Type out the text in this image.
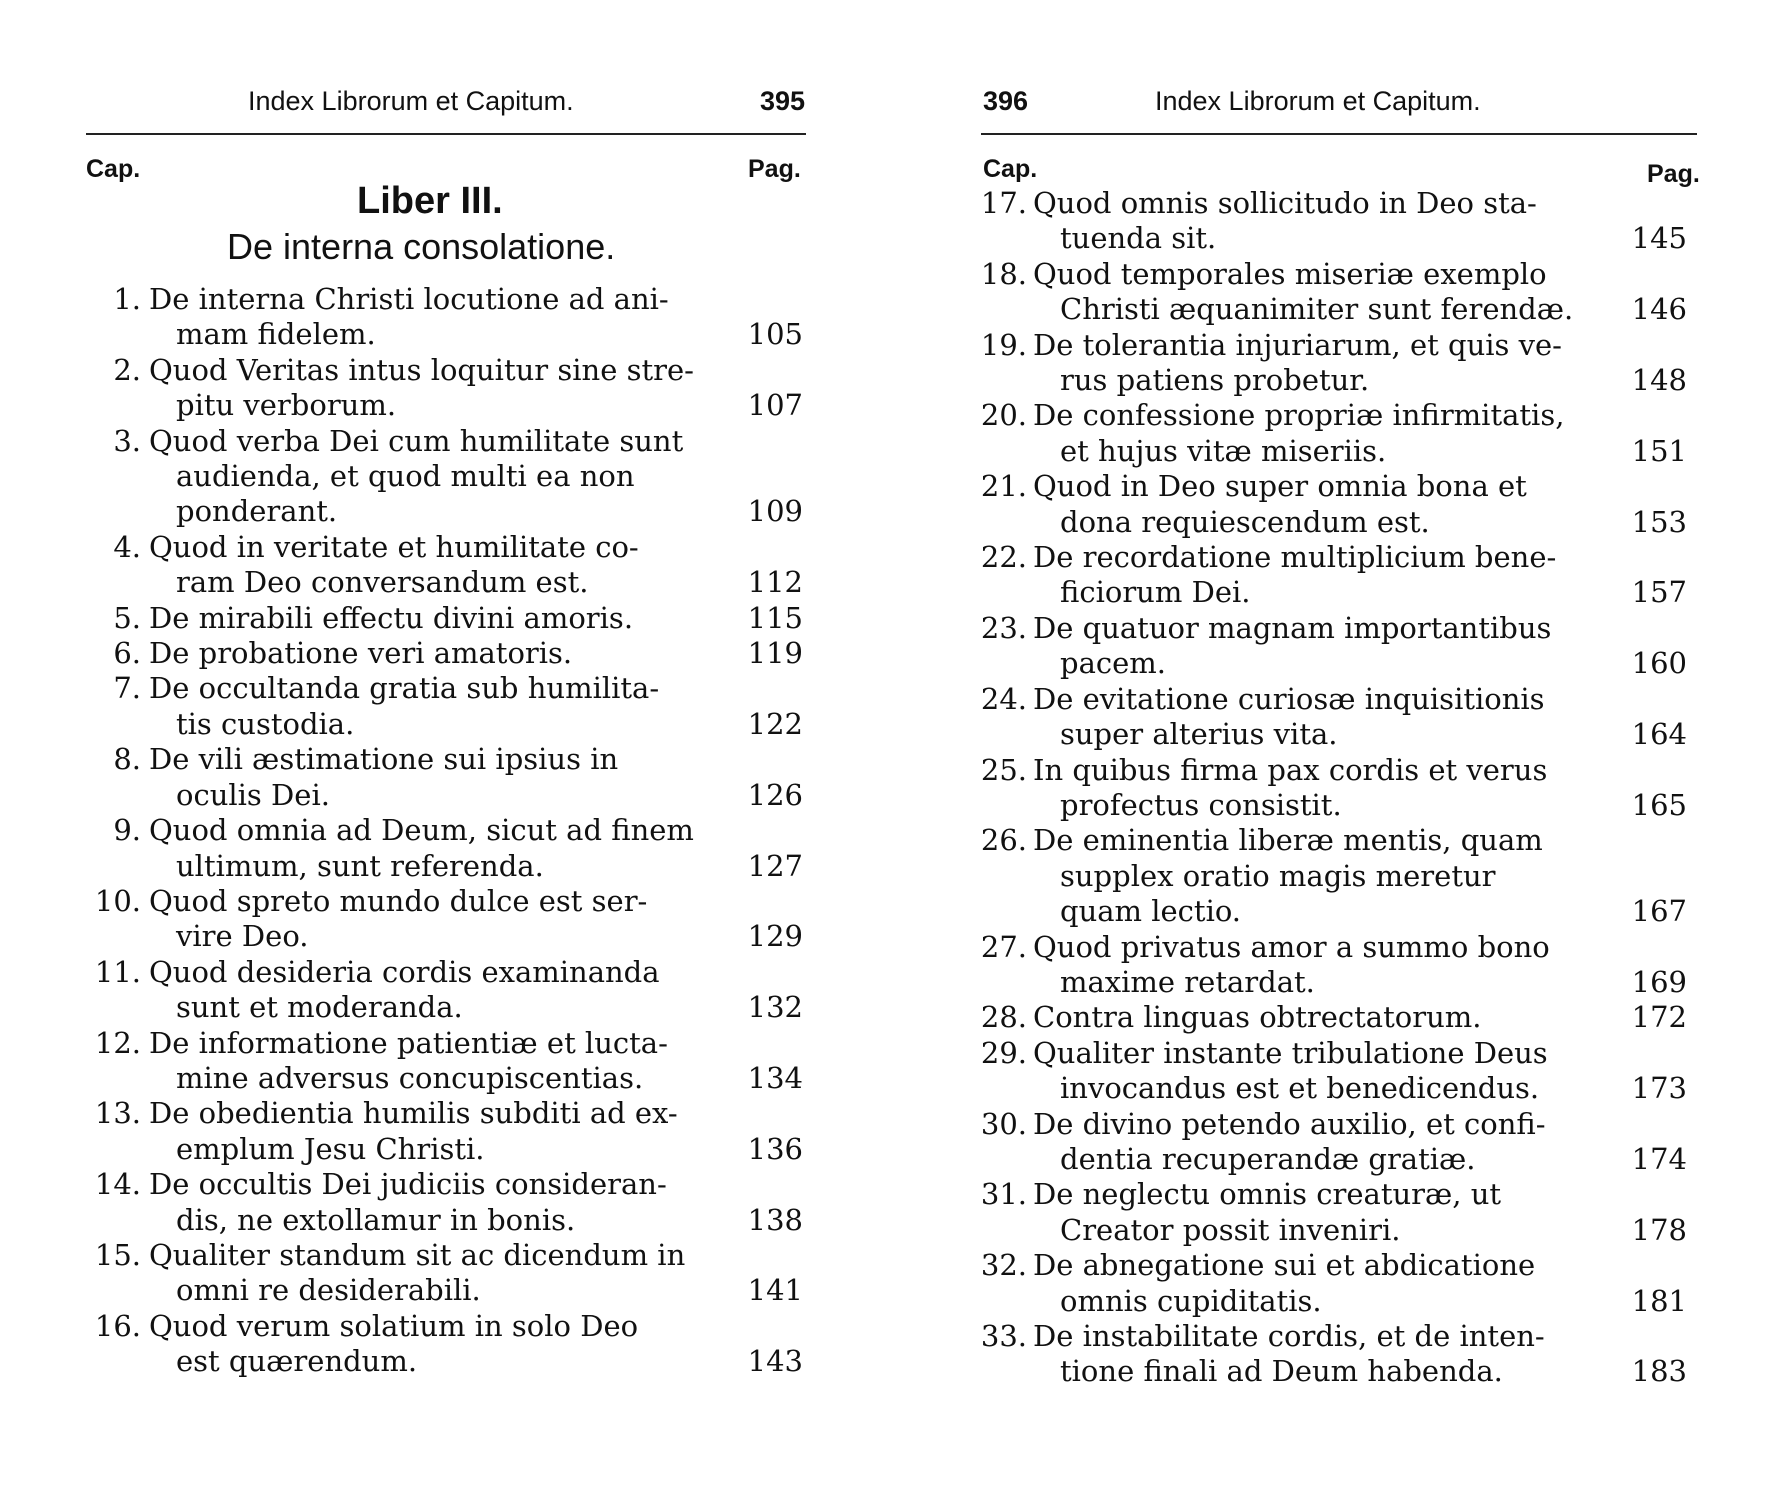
Index Librorum et Capitum.	395
Cap.	Pag.
Liber III.
De interna consolatione.
1. De interna Christi locutione ad ani-
mam fidelem.	105
2. Quod Veritas intus loquitur sine stre-
pitu verborum.	107
3. Quod verba Dei cum humilitate sunt
audienda, et quod multi ea non
ponderant.	109
4. Quod in veritate et humilitate co-
ram Deo conversandum est.	112
5. De mirabili effectu divini amoris.	115
6. De probatione veri amatoris.	119
7. De occultanda gratia sub humilita-
tis custodia.	122
8. De vili æstimatione sui ipsius in
oculis Dei.	126
9. Quod omnia ad Deum, sicut ad finem
ultimum, sunt referenda.	127
10. Quod spreto mundo dulce est ser-
vire Deo.	129
11. Quod desideria cordis examinanda
sunt et moderanda.	132
12. De informatione patientiæ et lucta-
mine adversus concupiscentias.	134
13. De obedientia humilis subditi ad ex-
emplum Jesu Christi.	136
14. De occultis Dei judiciis consideran-
dis, ne extollamur in bonis.	138
15. Qualiter standum sit ac dicendum in
omni re desiderabili.	141
16. Quod verum solatium in solo Deo
est quærendum.	143
396	Index Librorum et Capitum.
Cap.	Pag.
17. Quod omnis sollicitudo in Deo sta-
tuenda sit.	145
18. Quod temporales miseriæ exemplo
Christi æquanimiter sunt ferendæ.	146
19. De tolerantia injuriarum, et quis ve-
rus patiens probetur.	148
20. De confessione propriæ infirmitatis,
et hujus vitæ miseriis.	151
21. Quod in Deo super omnia bona et
dona requiescendum est.	153
22. De recordatione multiplicium bene-
ficiorum Dei.	157
23. De quatuor magnam importantibus
pacem.	160
24. De evitatione curiosæ inquisitionis
super alterius vita.	164
25. In quibus firma pax cordis et verus
profectus consistit.	165
26. De eminentia liberæ mentis, quam
supplex oratio magis meretur
quam lectio.	167
27. Quod privatus amor a summo bono
maxime retardat.	169
28. Contra linguas obtrectatorum.	172
29. Qualiter instante tribulatione Deus
invocandus est et benedicendus.	173
30. De divino petendo auxilio, et confi-
dentia recuperandæ gratiæ.	174
31. De neglectu omnis creaturæ, ut
Creator possit inveniri.	178
32. De abnegatione sui et abdicatione
omnis cupiditatis.	181
33. De instabilitate cordis, et de inten-
tione finali ad Deum habenda.	183
